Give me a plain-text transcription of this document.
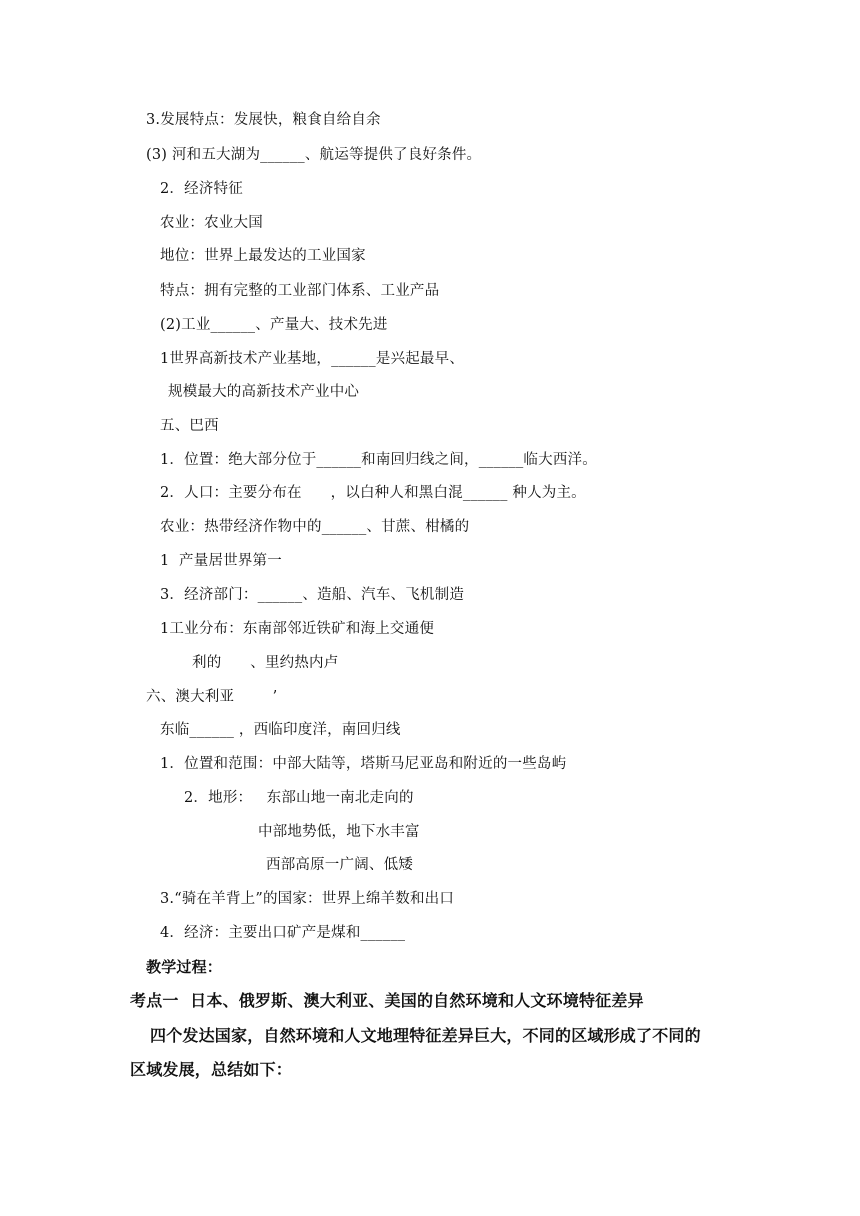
3.发展特点：发展快，粮食自给自余
(3) 河和五大湖为______、航运等提供了良好条件。
2．经济特征
农业：农业大国
地位：世界上最发达的工业国家
特点：拥有完整的工业部门体系、工业产品
(2)工业______、产量大、技术先进
1世界高新技术产业基地，______是兴起最早、
规模最大的高新技术产业中心
五、巴西
1．位置：绝大部分位于______和南回归线之间，______临大西洋。
2．人口：主要分布在      ，以白种人和黑白混______ 种人为主。
农业：热带经济作物中的______、甘蔗、柑橘的
1  产量居世界第一
3．经济部门：______、造船、汽车、飞机制造
1工业分布：东南部邻近铁矿和海上交通便
利的      、里约热内卢
六、澳大利亚        ’
东临______ ，西临印度洋，南回归线
1．位置和范围：中部大陆等，塔斯马尼亚岛和附近的一些岛屿
2．地形：   东部山地一南北走向的
中部地势低，地下水丰富
西部高原一广阔、低矮
3.“骑在羊背上”的国家：世界上绵羊数和出口
4．经济：主要出口矿产是煤和______
教学过程：
考点一  日本、俄罗斯、澳大利亚、美国的自然环境和人文环境特征差异
四个发达国家，自然环境和人文地理特征差异巨大，不同的区域形成了不同的
区域发展，总结如下：
